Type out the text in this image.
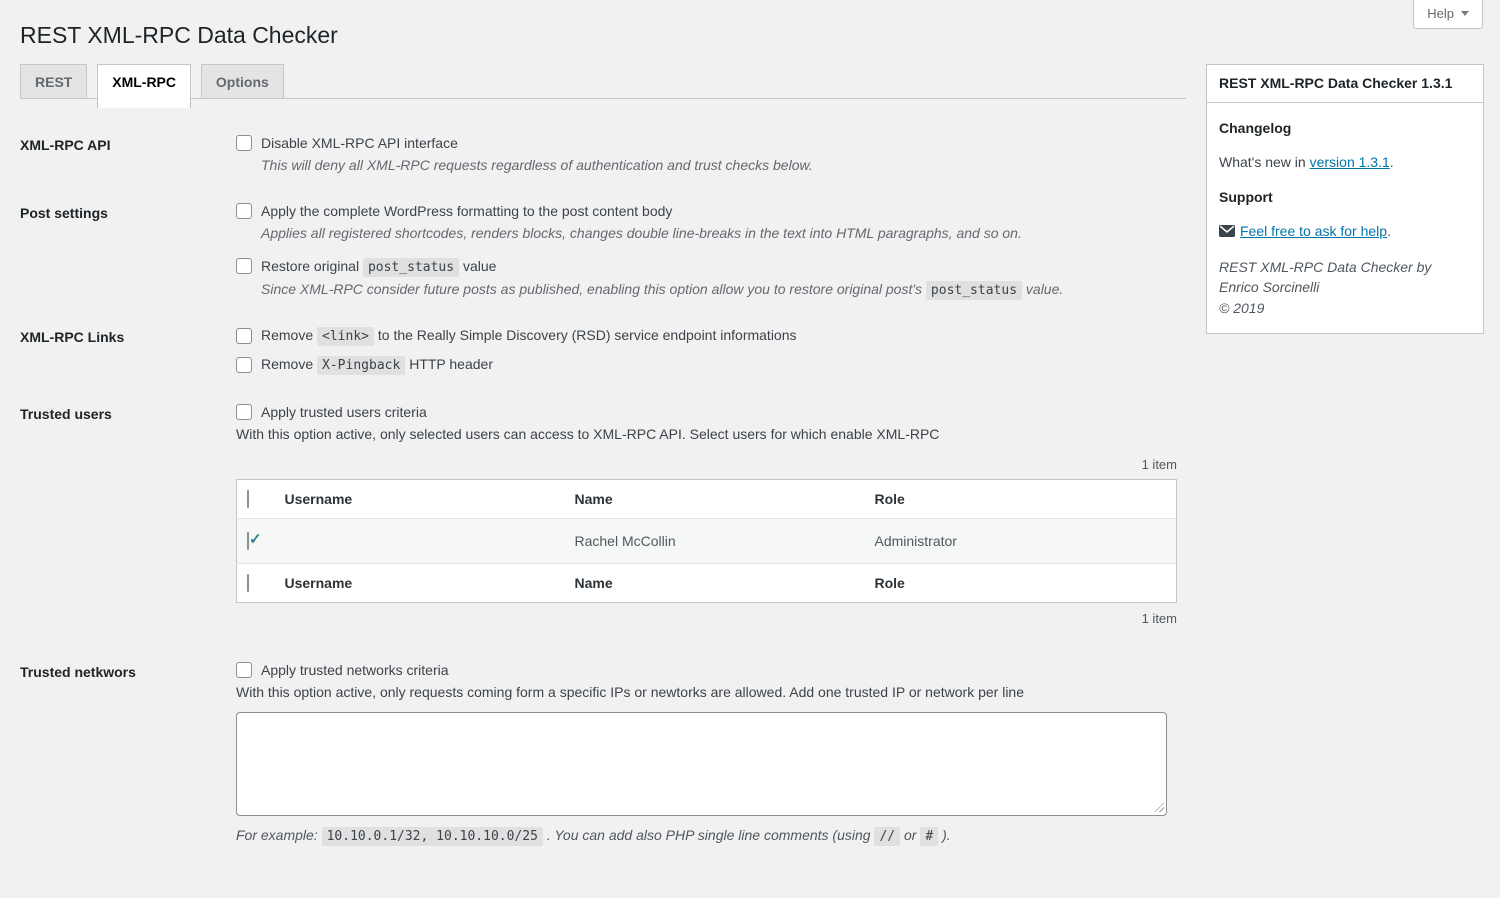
Help
REST XML-RPC Data Checker
REST	XML-RPC	Options
XML-RPC API	Disable XML-RPC API interface
This will deny all XML-RPC requests regardless of authentication and trust checks below.
Post settings	Apply the complete WordPress formatting to the post content body
Applies all registered shortcodes, renders blocks, changes double line-breaks in the text into HTML paragraphs, and so on.
Restore original post_status value
Since XML-RPC consider future posts as published, enabling this option allow you to restore original post's post_status value.
XML-RPC Links	Remove <link> to the Really Simple Discovery (RSD) service endpoint informations
Remove X-Pingback HTTP header
Trusted users	Apply trusted users criteria
With this option active, only selected users can access to XML-RPC API. Select users for which enable XML-RPC
1 item
	Username	Name	Role
✓		Rachel McCollin	Administrator
	Username	Name	Role
1 item
Trusted netkwors	Apply trusted networks criteria
With this option active, only requests coming form a specific IPs or newtorks are allowed. Add one trusted IP or network per line
For example: 10.10.0.1/32, 10.10.10.0/25 . You can add also PHP single line comments (using // or # ).
REST XML-RPC Data Checker 1.3.1
Changelog
What's new in version 1.3.1.
Support
Feel free to ask for help.
REST XML-RPC Data Checker by Enrico Sorcinelli
© 2019
